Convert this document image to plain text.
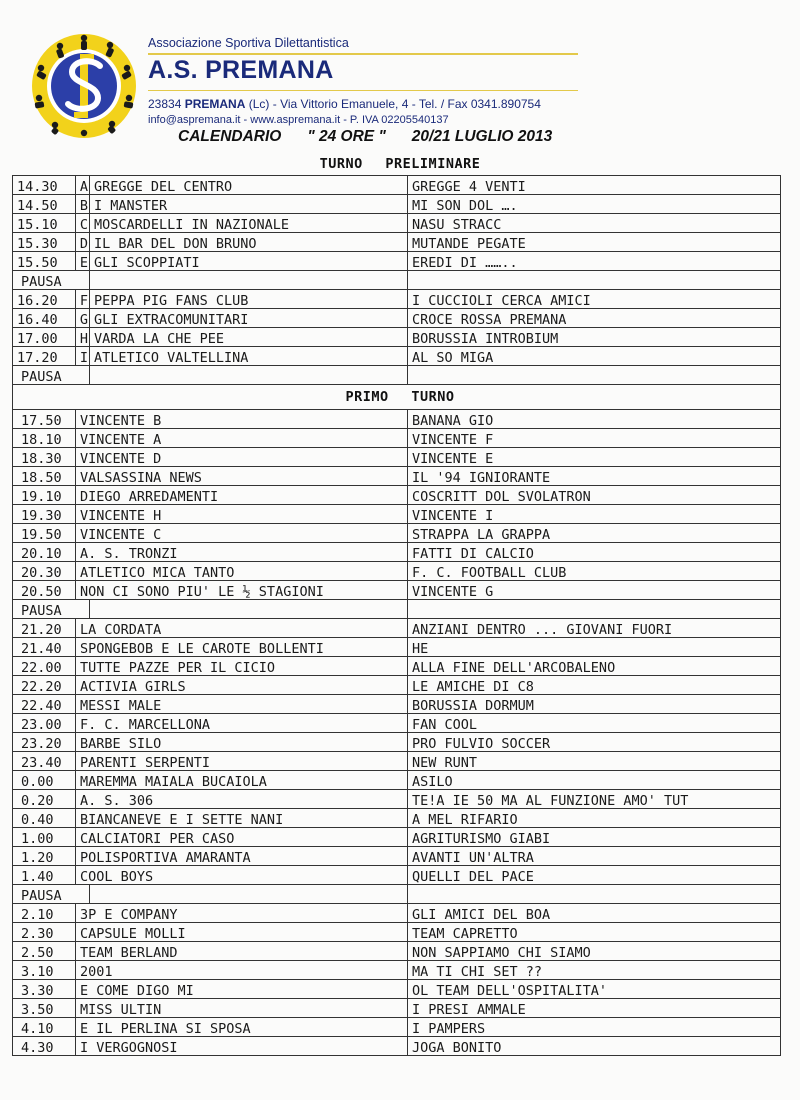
Associazione Sportiva Dilettantistica
A.S. PREMANA
23834 PREMANA (Lc) - Via Vittorio Emanuele, 4 - Tel. / Fax 0341.890754
info@aspremana.it - www.aspremana.it - P. IVA 02205540137
CALENDARIO " 24 ORE " 20/21 LUGLIO 2013
TURNO PRELIMINARE
PRIMO TURNO
14.30	A	GREGGE DEL CENTRO	GREGGE 4 VENTI
14.50	B	I MANSTER	MI SON DOL ….
15.10	C	MOSCARDELLI IN NAZIONALE	NASU STRACC
15.30	D	IL BAR DEL DON BRUNO	MUTANDE PEGATE
15.50	E	GLI SCOPPIATI	EREDI DI ……..
PAUSA			
16.20	F	PEPPA PIG FANS CLUB	I CUCCIOLI CERCA AMICI
16.40	G	GLI EXTRACOMUNITARI	CROCE ROSSA PREMANA
17.00	H	VARDA LA CHE PEE	BORUSSIA INTROBIUM
17.20	I	ATLETICO VALTELLINA	AL SO MIGA
PAUSA			

17.50	VINCENTE B		BANANA GIO
18.10	VINCENTE A		VINCENTE F
18.30	VINCENTE D		VINCENTE E
18.50	VALSASSINA NEWS		IL '94 IGNIORANTE
19.10	DIEGO ARREDAMENTI		COSCRITT DOL SVOLATRON
19.30	VINCENTE H		VINCENTE I
19.50	VINCENTE C		STRAPPA LA GRAPPA
20.10	A. S. TRONZI		FATTI DI CALCIO
20.30	ATLETICO MICA TANTO		F. C. FOOTBALL CLUB
20.50	NON CI SONO PIU' LE ½ STAGIONI		VINCENTE G
PAUSA			
21.20	LA CORDATA		ANZIANI DENTRO ... GIOVANI FUORI
21.40	SPONGEBOB E LE CAROTE BOLLENTI		HE
22.00	TUTTE PAZZE PER IL CICIO		ALLA FINE DELL'ARCOBALENO
22.20	ACTIVIA GIRLS		LE AMICHE DI C8
22.40	MESSI MALE		BORUSSIA DORMUM
23.00	F. C. MARCELLONA		FAN COOL
23.20	BARBE SILO		PRO FULVIO SOCCER
23.40	PARENTI SERPENTI		NEW RUNT
0.00	MAREMMA MAIALA BUCAIOLA		ASILO
0.20	A. S. 306		TE!A IE 50 MA AL FUNZIONE AMO' TUT
0.40	BIANCANEVE E I SETTE NANI		A MEL RIFARIO
1.00	CALCIATORI PER CASO		AGRITURISMO GIABI
1.20	POLISPORTIVA AMARANTA		AVANTI UN'ALTRA
1.40	COOL BOYS		QUELLI DEL PACE
PAUSA			
2.10	3P E COMPANY		GLI AMICI DEL BOA
2.30	CAPSULE MOLLI		TEAM CAPRETTO
2.50	TEAM BERLAND		NON SAPPIAMO CHI SIAMO
3.10	2001		MA TI CHI SET ??
3.30	E COME DIGO MI		OL TEAM DELL'OSPITALITA'
3.50	MISS ULTIN		I PRESI AMMALE
4.10	E IL PERLINA SI SPOSA		I PAMPERS
4.30	I VERGOGNOSI		JOGA BONITO
